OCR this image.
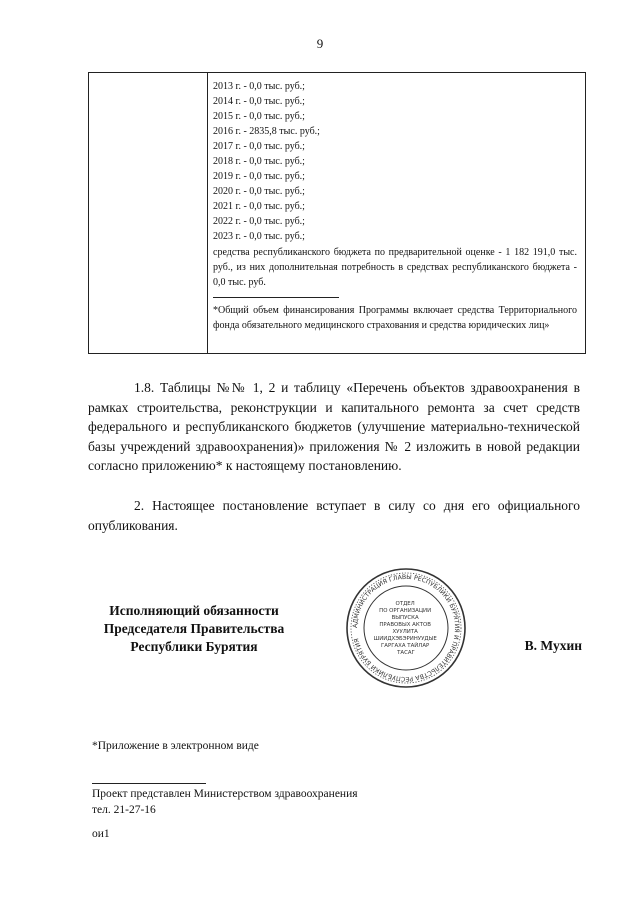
9
2013 г. - 0,0 тыс. руб.;
2014 г. - 0,0 тыс. руб.;
2015 г. - 0,0 тыс. руб.;
2016 г. - 2835,8 тыс. руб.;
2017 г. - 0,0 тыс. руб.;
2018 г. - 0,0 тыс. руб.;
2019 г. - 0,0 тыс. руб.;
2020 г. - 0,0 тыс. руб.;
2021 г. - 0,0 тыс. руб.;
2022 г. - 0,0 тыс. руб.;
2023 г. - 0,0 тыс. руб.;
средства республиканского бюджета по предварительной оценке - 1 182 191,0 тыс. руб., из них дополнительная потребность в средствах республиканского бюджета - 0,0 тыс. руб.
*Общий объем финансирования Программы включает средства Территориального фонда обязательного медицинского страхования и средства юридических лиц»
1.8. Таблицы №№ 1, 2 и таблицу «Перечень объектов здравоохранения в рамках строительства, реконструкции и капитального ремонта за счет средств федерального и республиканского бюджетов (улучшение материально-технической базы учреждений здравоохранения)» приложения № 2 изложить в новой редакции согласно приложению* к настоящему постановлению.
2. Настоящее постановление вступает в силу со дня его официального опубликования.
Исполняющий обязанности
Председателя Правительства
Республики Бурятия
АДМИНИСТРАЦИЯ ГЛАВЫ РЕСПУБЛИКИ БУРЯТИЯ И ПРАВИТЕЛЬСТВА РЕСПУБЛИКИ БУРЯТИЯ
ОТДЕЛ ПО ОРГАНИЗАЦИИ ВЫПУСКА ПРАВОВЫХ АКТОВ ХУУЛИТА ШИИДХЭБЭРИНУУДЫЕ ГАРГАХА ТАЙЛАР ТАСАГ	В. Мухин
*Приложение в электронном виде
Проект представлен Министерством здравоохранения
тел. 21-27-16
ои1
